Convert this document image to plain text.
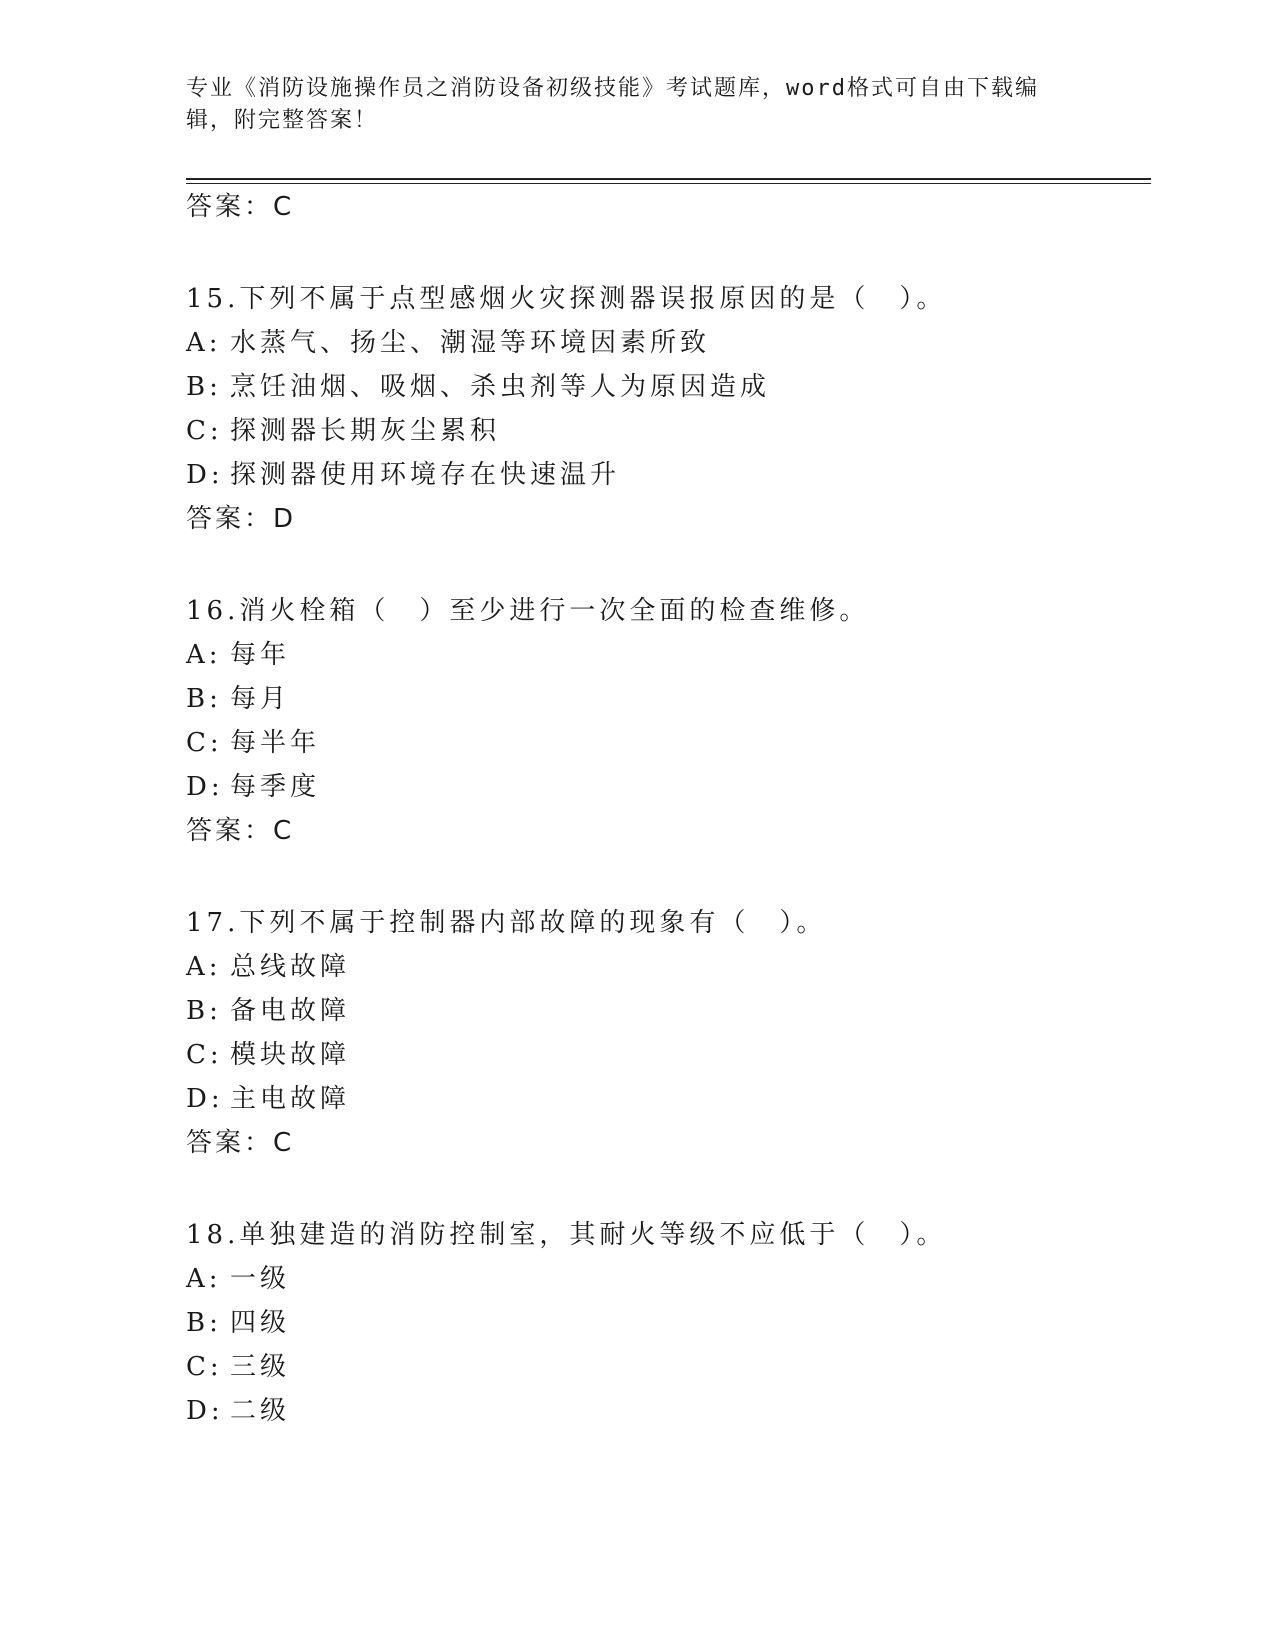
专业《消防设施操作员之消防设备初级技能》考试题库，word格式可自由下载编
辑，附完整答案！
答案：C
15.下列不属于点型感烟火灾探测器误报原因的是（　）。
A: 水蒸气、扬尘、潮湿等环境因素所致
B: 烹饪油烟、吸烟、杀虫剂等人为原因造成
C: 探测器长期灰尘累积
D: 探测器使用环境存在快速温升
答案：D
16.消火栓箱（　）至少进行一次全面的检查维修。
A: 每年
B: 每月
C: 每半年
D: 每季度
答案：C
17.下列不属于控制器内部故障的现象有（　）。
A: 总线故障
B: 备电故障
C: 模块故障
D: 主电故障
答案：C
18.单独建造的消防控制室，其耐火等级不应低于（　）。
A: 一级
B: 四级
C: 三级
D: 二级
